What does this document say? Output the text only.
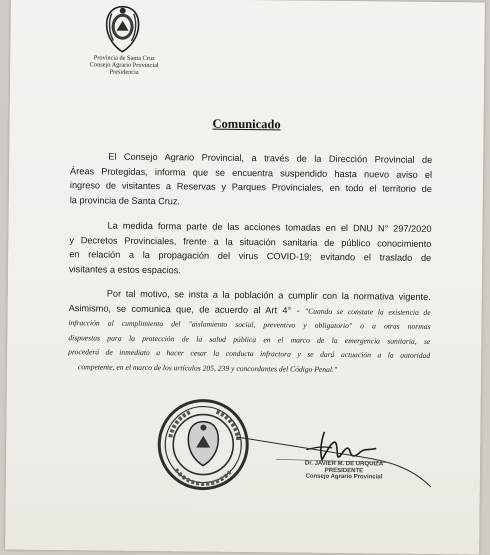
Provincia de Santa Cruz
Consejo Agrario Provincial
Presidencia
Comunicado
El Consejo Agrario Provincial, a través de la Dirección Provincial de
Áreas Protegidas, informa que se encuentra suspendido hasta nuevo aviso el
ingreso de visitantes a Reservas y Parques Provinciales, en todo el territorio de
la provincia de Santa Cruz.
La medida forma parte de las acciones tomadas en el DNU N° 297/2020
y Decretos Provinciales, frente a la situación sanitaria de público conocimiento
en relación a la propagación del virus COVID-19; evitando el traslado de
visitantes a estos espacios.
Por tal motivo, se insta a la población a cumplir con la normativa vigente.
Asimismo, se comunica que, de acuerdo al Art 4° - "Cuando se constate la existencia de
infracción al cumplimiento del "aislamiento social, preventivo y obligatorio" o a otras normas
dispuestas para la protección de la salud pública en el marco de la emergencia sanitaria, se
procederá de inmediato a hacer cesar la conducta infractora y se dará actuación a la autoridad
competente, en el marco de los artículos 205, 239 y concordantes del Código Penal."
Dr. JAVIER M. DE URQUIZA
PRESIDENTE
Consejo Agrario Provincial
